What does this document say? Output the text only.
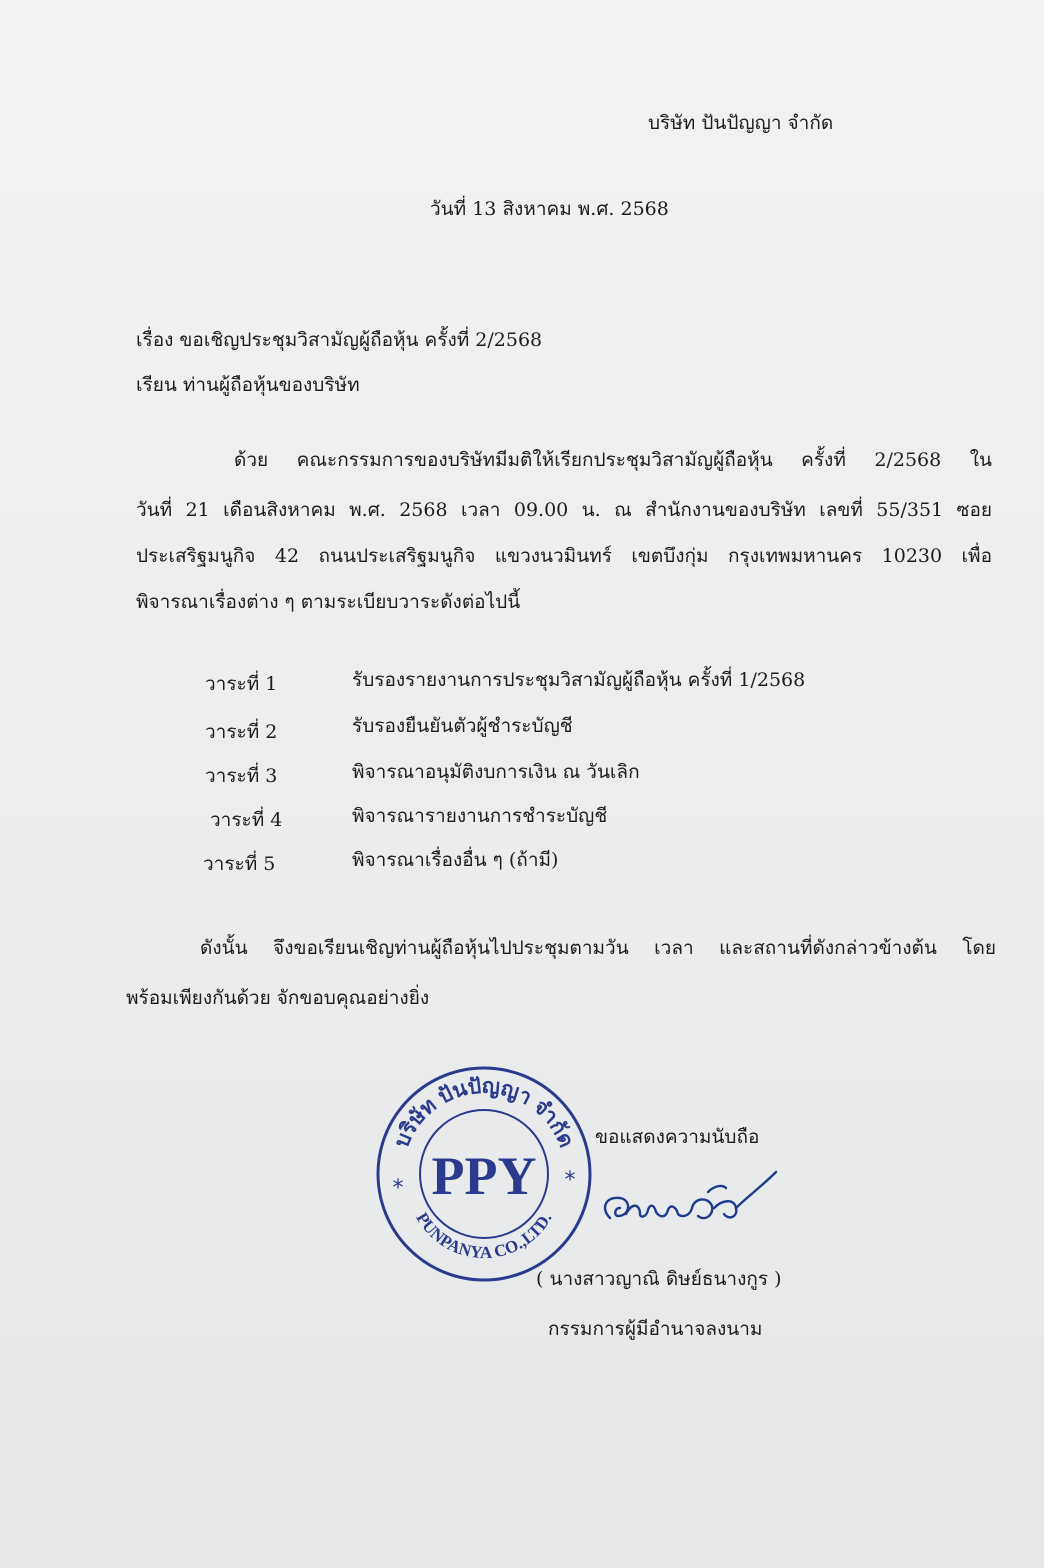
บริษัท ปันปัญญา จำกัด
วันที่ 13 สิงหาคม พ.ศ. 2568
เรื่อง ขอเชิญประชุมวิสามัญผู้ถือหุ้น ครั้งที่ 2/2568
เรียน ท่านผู้ถือหุ้นของบริษัท
ด้วย คณะกรรมการของบริษัทมีมติให้เรียกประชุมวิสามัญผู้ถือหุ้น ครั้งที่ 2/2568 ใน
วันที่ 21 เดือนสิงหาคม พ.ศ. 2568 เวลา 09.00 น. ณ สำนักงานของบริษัท เลขที่ 55/351 ซอย
ประเสริฐมนูกิจ 42 ถนนประเสริฐมนูกิจ แขวงนวมินทร์ เขตบึงกุ่ม กรุงเทพมหานคร 10230 เพื่อ
พิจารณาเรื่องต่าง ๆ ตามระเบียบวาระดังต่อไปนี้
วาระที่ 1	รับรองรายงานการประชุมวิสามัญผู้ถือหุ้น ครั้งที่ 1/2568
วาระที่ 2	รับรองยืนยันตัวผู้ชำระบัญชี
วาระที่ 3	พิจารณาอนุมัติงบการเงิน ณ วันเลิก
วาระที่ 4	พิจารณารายงานการชำระบัญชี
วาระที่ 5	พิจารณาเรื่องอื่น ๆ (ถ้ามี)
ดังนั้น จึงขอเรียนเชิญท่านผู้ถือหุ้นไปประชุมตามวัน เวลา และสถานที่ดังกล่าวข้างต้น โดย
พร้อมเพียงกันด้วย จักขอบคุณอย่างยิ่ง
บริษัท ปันปัญญา จำกัด
PUNPANYA CO.,LTD.
*	*
PPY
ขอแสดงความนับถือ
( นางสาวญาณิ ดิษย์ธนางกูร )
กรรมการผู้มีอำนาจลงนาม
